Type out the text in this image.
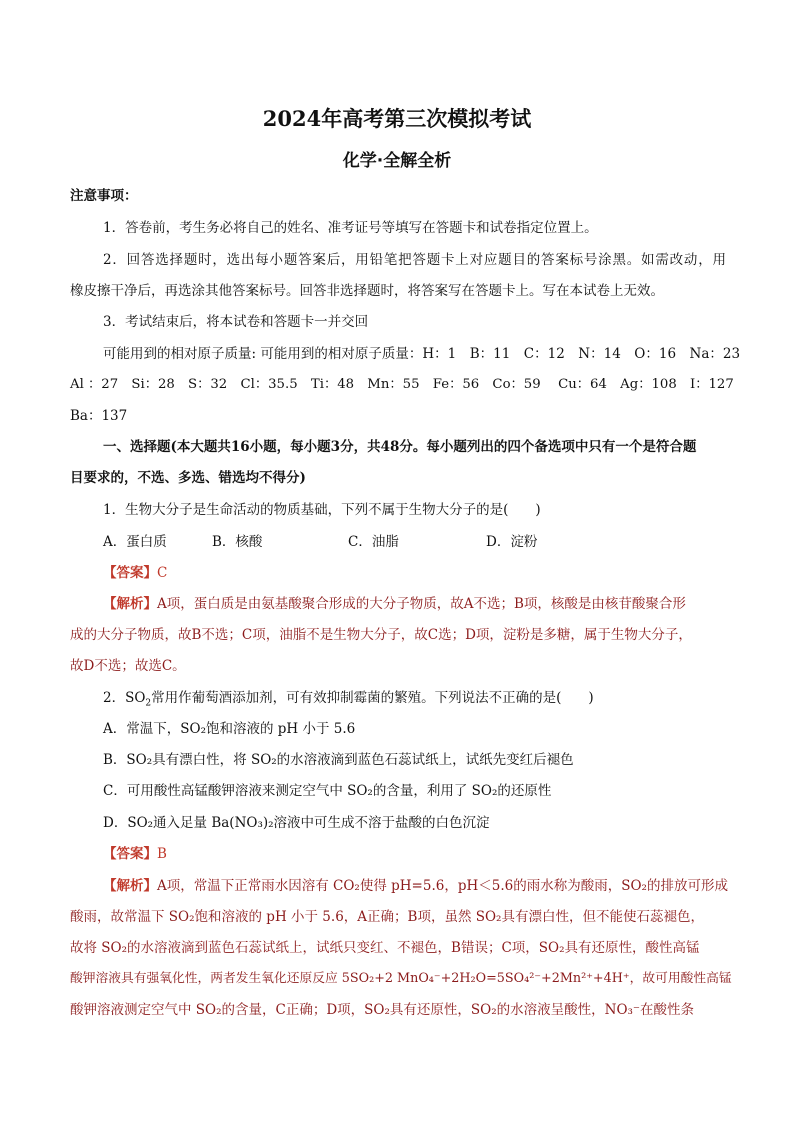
2024年高考第三次模拟考试
化学·全解全析
注意事项：
1．答卷前，考生务必将自己的姓名、准考证号等填写在答题卡和试卷指定位置上。
2．回答选择题时，选出每小题答案后，用铅笔把答题卡上对应题目的答案标号涂黑。如需改动，用
橡皮擦干净后，再选涂其他答案标号。回答非选择题时，将答案写在答题卡上。写在本试卷上无效。
3．考试结束后，将本试卷和答题卡一并交回
可能用到的相对原子质量: 可能用到的相对原子质量：H：1　B：11　C：12　N：14　O：16　Na：23
Al ：27　Si：28　S：32　Cl：35.5　Ti：48　Mn：55　Fe：56　Co：59　 Cu：64　Ag：108　I：127
Ba：137
一、选择题(本大题共16小题，每小题3分，共48分。每小题列出的四个备选项中只有一个是符合题
目要求的，不选、多选、错选均不得分)
1．生物大分子是生命活动的物质基础，下列不属于生物大分子的是(　　)
A．蛋白质	B．核酸	C．油脂	D．淀粉
【答案】C
【解析】A项，蛋白质是由氨基酸聚合形成的大分子物质，故A不选；B项，核酸是由核苷酸聚合形
成的大分子物质，故B不选；C项，油脂不是生物大分子，故C选；D项，淀粉是多糖，属于生物大分子，
故D不选；故选C。
2．$SO_2$常用作葡萄酒添加剂，可有效抑制霉菌的繁殖。下列说法不正确的是(　　)
A．常温下，SO₂饱和溶液的 pH 小于 5.6
B．SO₂具有漂白性，将 SO₂的水溶液滴到蓝色石蕊试纸上，试纸先变红后褪色
C．可用酸性高锰酸钾溶液来测定空气中 SO₂的含量，利用了 SO₂的还原性
D．SO₂通入足量 Ba(NO₃)₂溶液中可生成不溶于盐酸的白色沉淀
【答案】B
【解析】A项，常温下正常雨水因溶有 CO₂使得 pH=5.6，pH＜5.6的雨水称为酸雨，SO₂的排放可形成
酸雨，故常温下 SO₂饱和溶液的 pH 小于 5.6，A正确；B项，虽然 SO₂具有漂白性，但不能使石蕊褪色，
故将 SO₂的水溶液滴到蓝色石蕊试纸上，试纸只变红、不褪色，B错误；C项，SO₂具有还原性，酸性高锰
酸钾溶液具有强氧化性，两者发生氧化还原反应 5SO₂+2 MnO₄⁻+2H₂O=5SO₄²⁻+2Mn²⁺+4H⁺，故可用酸性高锰
酸钾溶液测定空气中 SO₂的含量，C正确；D项，SO₂具有还原性，SO₂的水溶液呈酸性，NO₃⁻在酸性条
